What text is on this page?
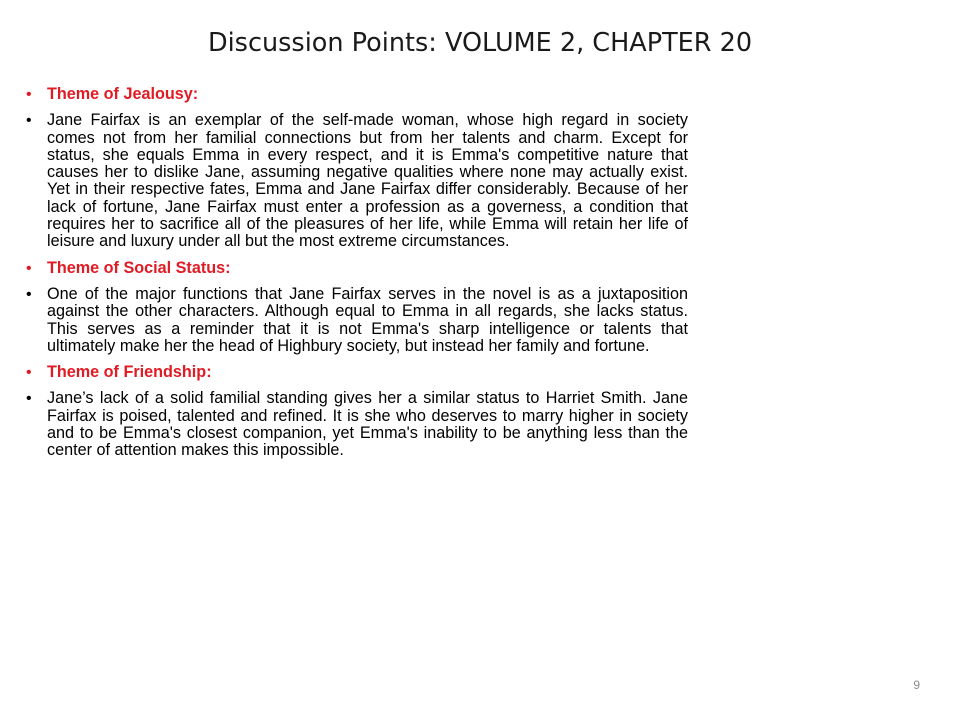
Discussion Points: VOLUME 2, CHAPTER 20

• Theme of Jealousy:

• Jane Fairfax is an exemplar of the self-made woman, whose high regard in society comes not from her familial connections but from her talents and charm. Except for status, she equals Emma in every respect, and it is Emma's competitive nature that causes her to dislike Jane, assuming negative qualities where none may actually exist. Yet in their respective fates, Emma and Jane Fairfax differ considerably. Because of her lack of fortune, Jane Fairfax must enter a profession as a governess, a condition that requires her to sacrifice all of the pleasures of her life, while Emma will retain her life of leisure and luxury under all but the most extreme circumstances.

• Theme of Social Status:

• One of the major functions that Jane Fairfax serves in the novel is as a juxtaposition against the other characters. Although equal to Emma in all regards, she lacks status. This serves as a reminder that it is not Emma's sharp intelligence or talents that ultimately make her the head of Highbury society, but instead her family and fortune.

• Theme of Friendship:

• Jane’s lack of a solid familial standing gives her a similar status to Harriet Smith. Jane Fairfax is poised, talented and refined. It is she who deserves to marry higher in society and to be Emma's closest companion, yet Emma's inability to be anything less than the center of attention makes this impossible.

9
